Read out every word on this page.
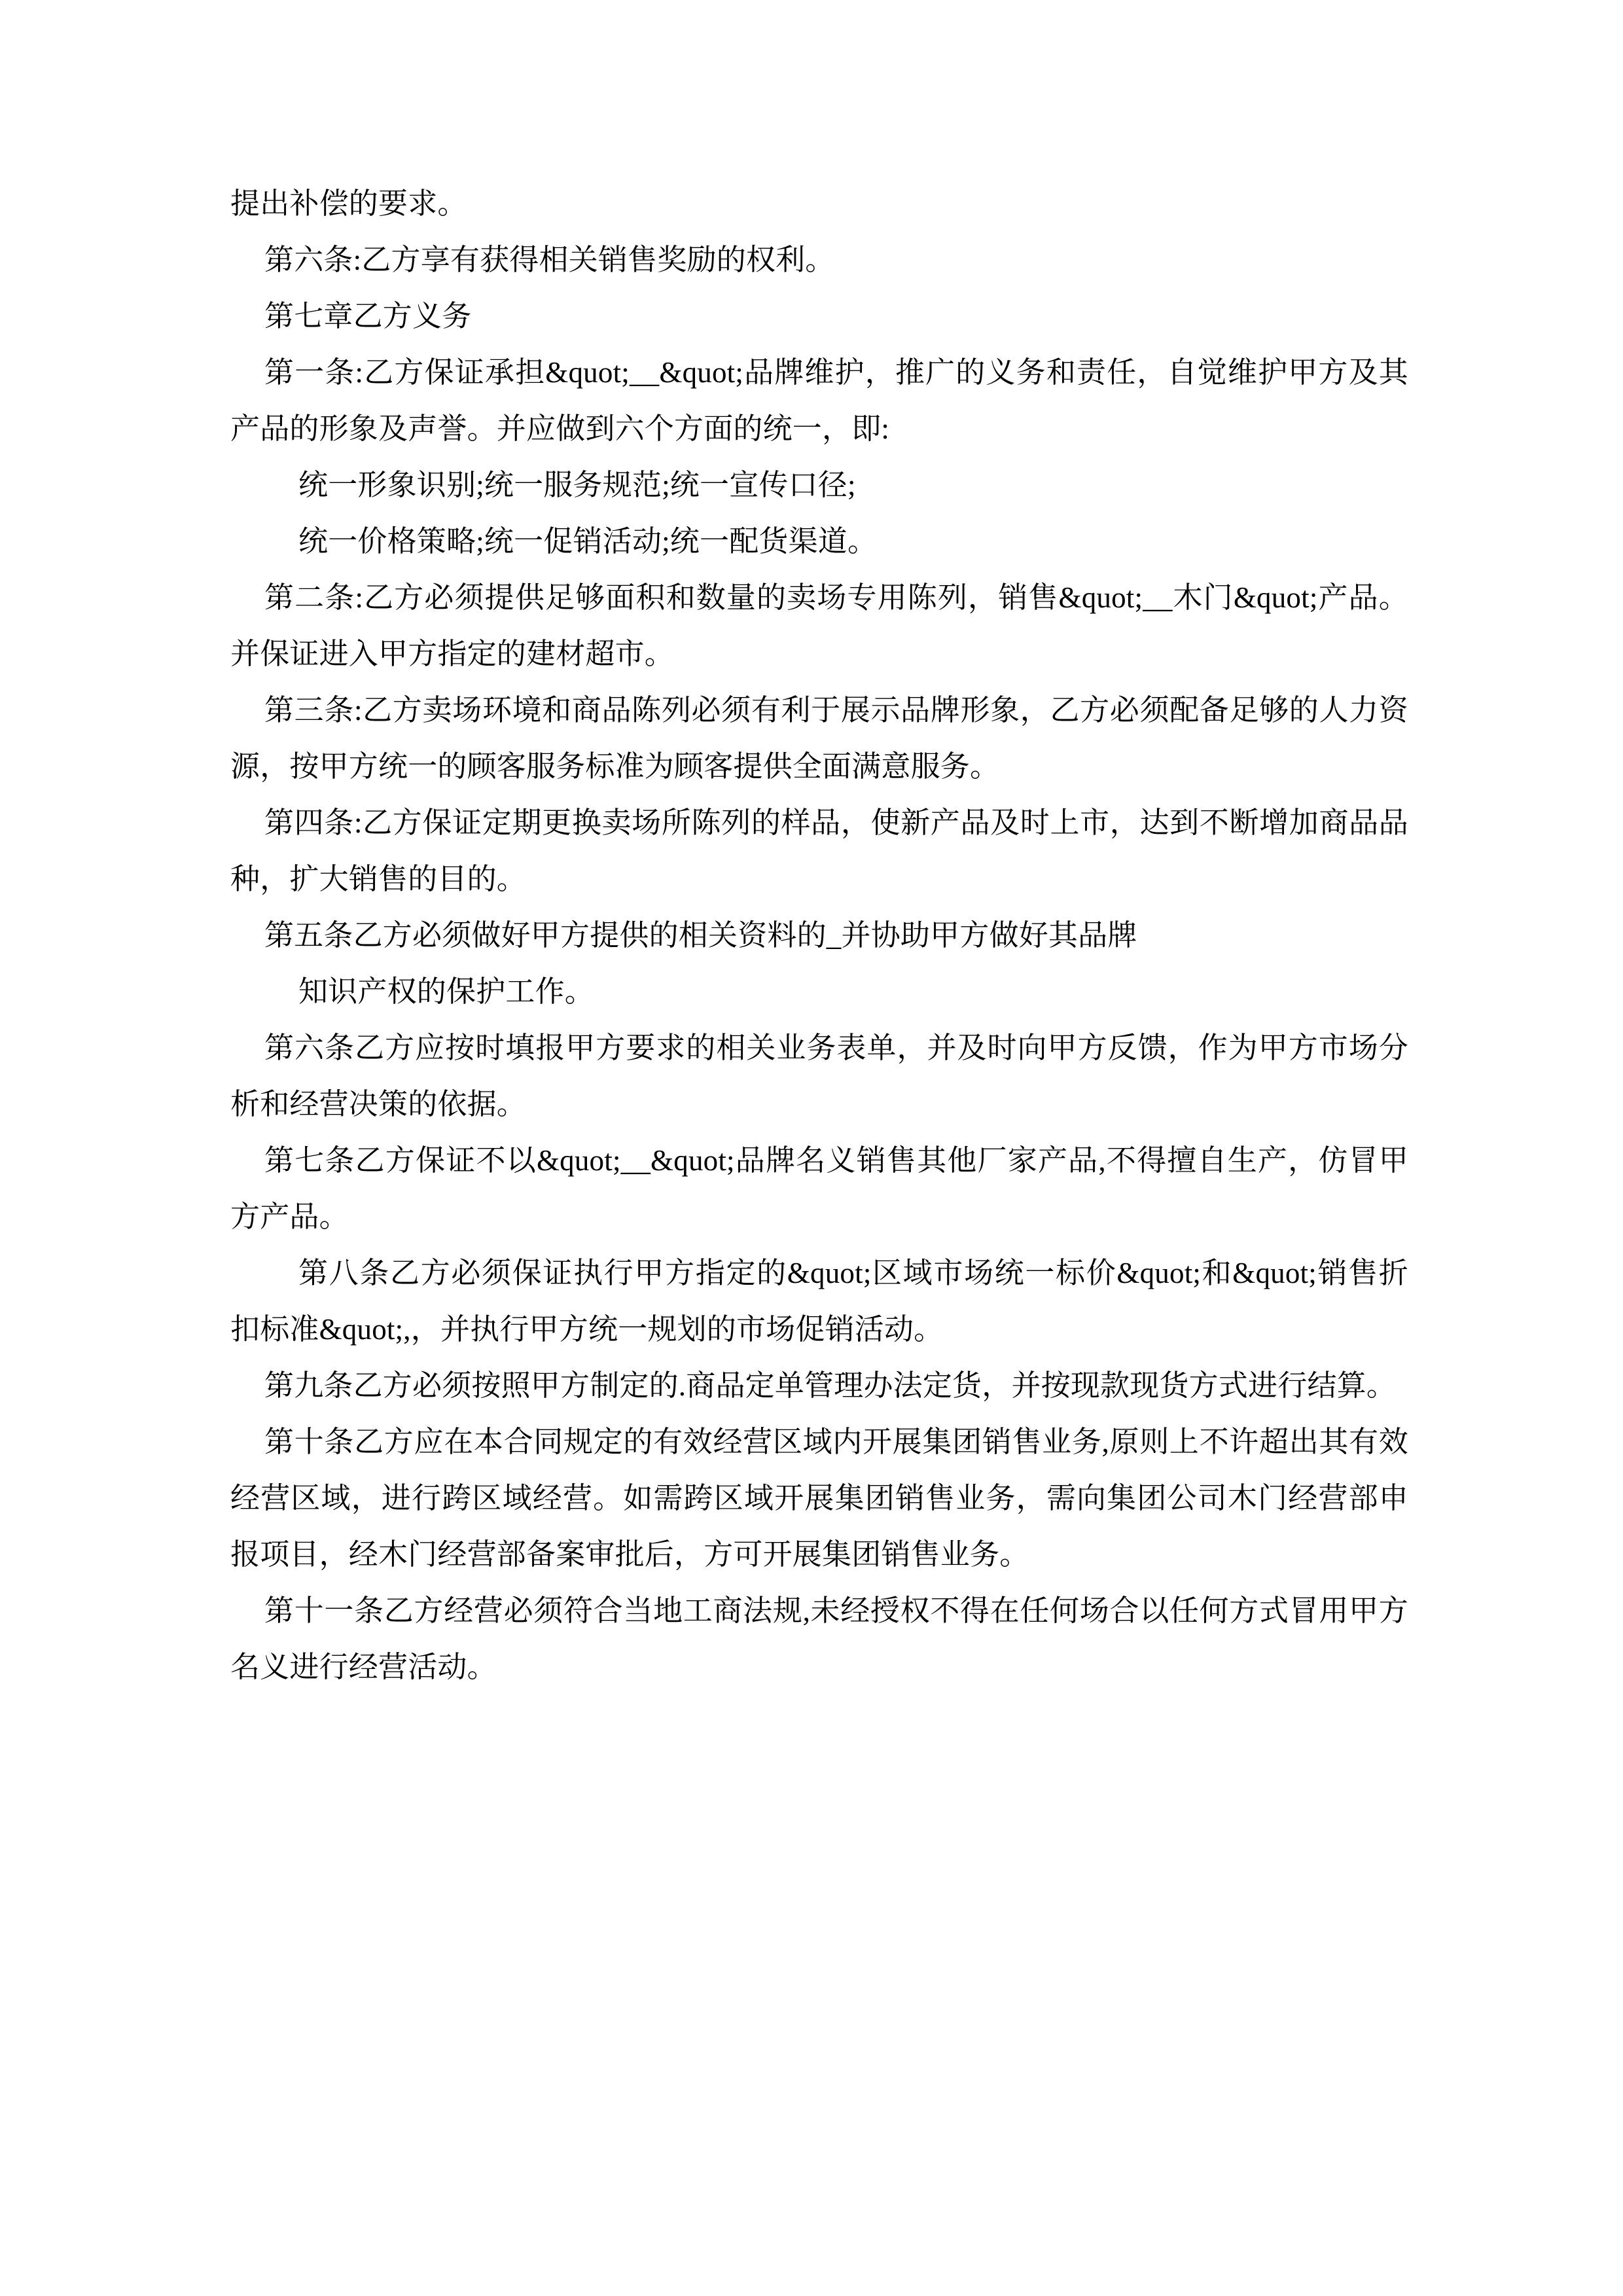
提出补偿的要求。

第六条:乙方享有获得相关销售奖励的权利。

第七章乙方义务

第一条:乙方保证承担&quot;__&quot;品牌维护，推广的义务和责任，自觉维护甲方及其产品的形象及声誉。并应做到六个方面的统一，即:

统一形象识别;统一服务规范;统一宣传口径;

统一价格策略;统一促销活动;统一配货渠道。

第二条:乙方必须提供足够面积和数量的卖场专用陈列，销售&quot;__木门&quot;产品。并保证进入甲方指定的建材超市。

第三条:乙方卖场环境和商品陈列必须有利于展示品牌形象，乙方必须配备足够的人力资源，按甲方统一的顾客服务标准为顾客提供全面满意服务。

第四条:乙方保证定期更换卖场所陈列的样品，使新产品及时上市，达到不断增加商品品种，扩大销售的目的。

第五条乙方必须做好甲方提供的相关资料的_并协助甲方做好其品牌

知识产权的保护工作。

第六条乙方应按时填报甲方要求的相关业务表单，并及时向甲方反馈，作为甲方市场分析和经营决策的依据。

第七条乙方保证不以&quot;__&quot;品牌名义销售其他厂家产品,不得擅自生产，仿冒甲方产品。

第八条乙方必须保证执行甲方指定的&quot;区域市场统一标价&quot;和&quot;销售折扣标准&quot;,，并执行甲方统一规划的市场促销活动。

第九条乙方必须按照甲方制定的.商品定单管理办法定货，并按现款现货方式进行结算。

第十条乙方应在本合同规定的有效经营区域内开展集团销售业务,原则上不许超出其有效经营区域，进行跨区域经营。如需跨区域开展集团销售业务，需向集团公司木门经营部申报项目，经木门经营部备案审批后，方可开展集团销售业务。

第十一条乙方经营必须符合当地工商法规,未经授权不得在任何场合以任何方式冒用甲方名义进行经营活动。
